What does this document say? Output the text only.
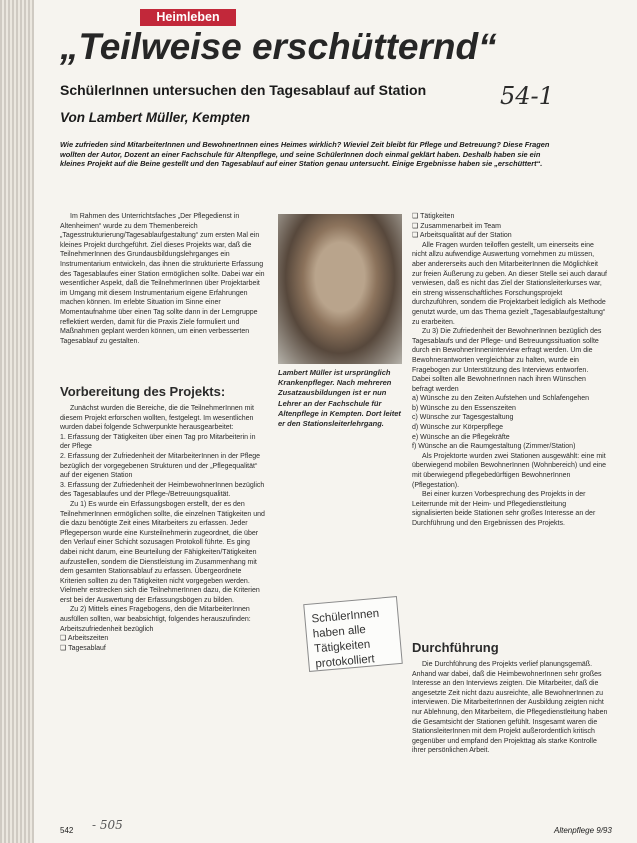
Heimleben
„Teilweise erschütternd“
SchülerInnen untersuchen den Tagesablauf auf Station
Von Lambert Müller, Kempten
54-1
Wie zufrieden sind MitarbeiterInnen und BewohnerInnen eines Heimes wirklich? Wieviel Zeit bleibt für Pflege und Betreuung? Diese Fragen wollten der Autor, Dozent an einer Fachschule für Altenpflege, und seine SchülerInnen doch einmal geklärt haben. Deshalb haben sie ein kleines Projekt auf die Beine gestellt und den Tagesablauf auf einer Station genau untersucht. Einige Ergebnisse haben sie „erschüttert“.

Im Rahmen des Unterrichtsfaches „Der Pflegedienst in Altenheimen“ wurde zu dem Themenbereich „Tagesstrukturierung/Tagesablaufgestaltung“ zum ersten Mal ein kleines Projekt durchgeführt. Ziel dieses Projekts war, daß die TeilnehmerInnen des Grundausbildungslehrganges ein Instrumentarium entwickeln, das ihnen die strukturierte Erfassung des Tagesablaufes einer Station ermöglichen sollte. Dabei war ein wesentlicher Aspekt, daß die TeilnehmerInnen über Projektarbeit im Umgang mit diesem Instrumentarium eigene Erfahrungen machen können. Im erlebte Situation im Sinne einer Momentaufnahme über einen Tag sollte dann in der Lerngruppe reflektiert werden, damit für die Praxis Ziele formuliert und Maßnahmen geplant werden können, um einen verbesserten Tagesablauf zu gestalten.

Vorbereitung des Projekts:

Zunächst wurden die Bereiche, die die TeilnehmerInnen mit diesem Projekt erforschen wollten, festgelegt. Im wesentlichen wurden dabei folgende Schwerpunkte herausgearbeitet:

1. Erfassung der Tätigkeiten über einen Tag pro Mitarbeiterin in der Pflege
2. Erfassung der Zufriedenheit der MitarbeiterInnen in der Pflege bezüglich der vorgegebenen Strukturen und der „Pflegequalität“ auf der eigenen Station
3. Erfassung der Zufriedenheit der HeimbewohnerInnen bezüglich des Tagesablaufes und der Pflege-/Betreuungsqualität.

Zu 1) Es wurde ein Erfassungsbogen erstellt, der es den TeilnehmerInnen ermöglichen sollte, die einzelnen Tätigkeiten und die dazu benötigte Zeit eines Mitarbeiters zu erfassen. Jeder Pflegeperson wurde eine Kursteilnehmerin zugeordnet, die über den Verlauf einer Schicht sozusagen Protokoll führte. Es ging dabei nicht darum, eine Beurteilung der Fähigkeiten/Tätigkeiten aufzustellen, sondern die Dienstleistung im Zusammenhang mit dem gesamten Stationsablauf zu erfassen. Übergeordnete Kriterien sollten zu den Tätigkeiten nicht vorgegeben werden. Vielmehr erstrecken sich die TeilnehmerInnen dazu, die Kriterien erst bei der Auswertung der Erfassungsbögen zu bilden.

Zu 2) Mittels eines Fragebogens, den die MitarbeiterInnen ausfüllen sollten, war beabsichtigt, folgendes herauszufinden:

Arbeitszufriedenheit bezüglich
❑ Arbeitszeiten
❑ Tagesablauf
Lambert Müller ist ursprünglich Krankenpfleger. Nach mehreren Zusatzausbildungen ist er nun Lehrer an der Fachschule für Altenpflege in Kempten. Dort leitet er den Stationsleiterlehrgang.
SchülerInnen haben alle Tätigkeiten protokolliert
❑ Tätigkeiten
❑ Zusammenarbeit im Team
❑ Arbeitsqualität auf der Station

Alle Fragen wurden teiloffen gestellt, um einerseits eine nicht allzu aufwendige Auswertung vornehmen zu müssen, aber andererseits auch den MitarbeiterInnen die Möglichkeit zur freien Äußerung zu geben. An dieser Stelle sei auch darauf verwiesen, daß es nicht das Ziel der Stationsleiterkurses war, ein streng wissenschaftliches Forschungsprojekt durchzuführen, sondern die Projektarbeit lediglich als Methode genutzt wurde, um das Thema gezielt „Tagesablaufgestaltung“ zu erarbeiten.

Zu 3) Die Zufriedenheit der BewohnerInnen bezüglich des Tagesablaufs und der Pflege- und Betreuungssituation sollte durch ein BewohnerInneninterview erfragt werden. Um die Bewohnerantworten vergleichbar zu halten, wurde ein Fragebogen zur Unterstützung des Interviews entworfen. Dabei sollten alle BewohnerInnen nach ihren Wünschen befragt werden

a) Wünsche zu den Zeiten Aufstehen und Schlafengehen
b) Wünsche zu den Essenszeiten
c) Wünsche zur Tagesgestaltung
d) Wünsche zur Körperpflege
e) Wünsche an die Pflegekräfte
f) Wünsche an die Raumgestaltung (Zimmer/Station)

Als Projektorte wurden zwei Stationen ausgewählt: eine mit überwiegend mobilen BewohnerInnen (Wohnbereich) und eine mit überwiegend pflegebedürftigen BewohnerInnen (Pflegestation).

Bei einer kurzen Vorbesprechung des Projekts in der Leiterrunde mit der Heim- und Pflegedienstleitung signalisierten beide Stationen sehr großes Interesse an der Durchführung und den Ergebnissen des Projekts.

Durchführung

Die Durchführung des Projekts verlief planungsgemäß. Anhand war dabei, daß die HeimbewohnerInnen sehr großes Interesse an den Interviews zeigten. Die Mitarbeiter, daß die angesetzte Zeit nicht dazu ausreichte, alle BewohnerInnen zu interviewen. Die MitarbeiterInnen der Ausbildung zeigten nicht nur Ablehnung, den Mitarbeitern, die Pflegedienstleitung haben die Gesamtsicht der Stationen gefühlt. Insgesamt waren die StationsleiterInnen mit dem Projekt außerordentlich kritisch gegenüber und empfand den Projekttag als starke Kontrolle ihrer persönlichen Arbeit.

542 - 505	Altenpflege 9/93
